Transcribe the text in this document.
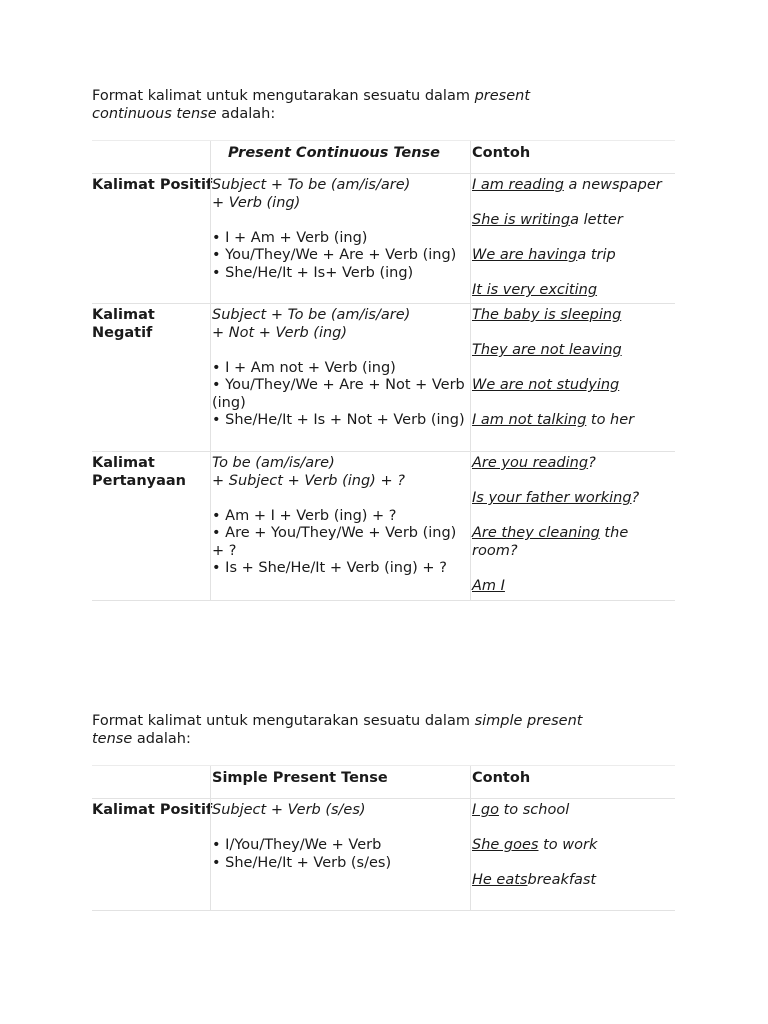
Format kalimat untuk mengutarakan sesuatu dalam present continuous tense adalah:
Present Continuous Tense	Contoh
Kalimat Positif Subject + To be (am/is/are)
+ Verb (ing)
• I + Am + Verb (ing)
• You/They/We + Are + Verb (ing)
• She/He/It + Is+ Verb (ing)
I am reading a newspaper
She is writinga letter
We are havinga trip
It is very exciting
Kalimat Negatif
Subject + To be (am/is/are)
+ Not + Verb (ing)
• I + Am not + Verb (ing)
• You/They/We + Are + Not + Verb (ing)
• She/He/It + Is + Not + Verb (ing)
The baby is sleeping
They are not leaving
We are not studying
I am not talking to her
Kalimat Pertanyaan
To be (am/is/are)
+ Subject + Verb (ing) + ?
• Am + I + Verb (ing) + ?
• Are + You/They/We + Verb (ing) + ?
• Is + She/He/It + Verb (ing) + ?
Are you reading?
Is your father working?
Are they cleaning the room?
Am I
Format kalimat untuk mengutarakan sesuatu dalam simple present tense adalah:
Simple Present Tense	Contoh
Kalimat Positif Subject + Verb (s/es)
• I/You/They/We + Verb
• She/He/It + Verb (s/es)
I go to school
She goes to work
He eatsbreakfast
